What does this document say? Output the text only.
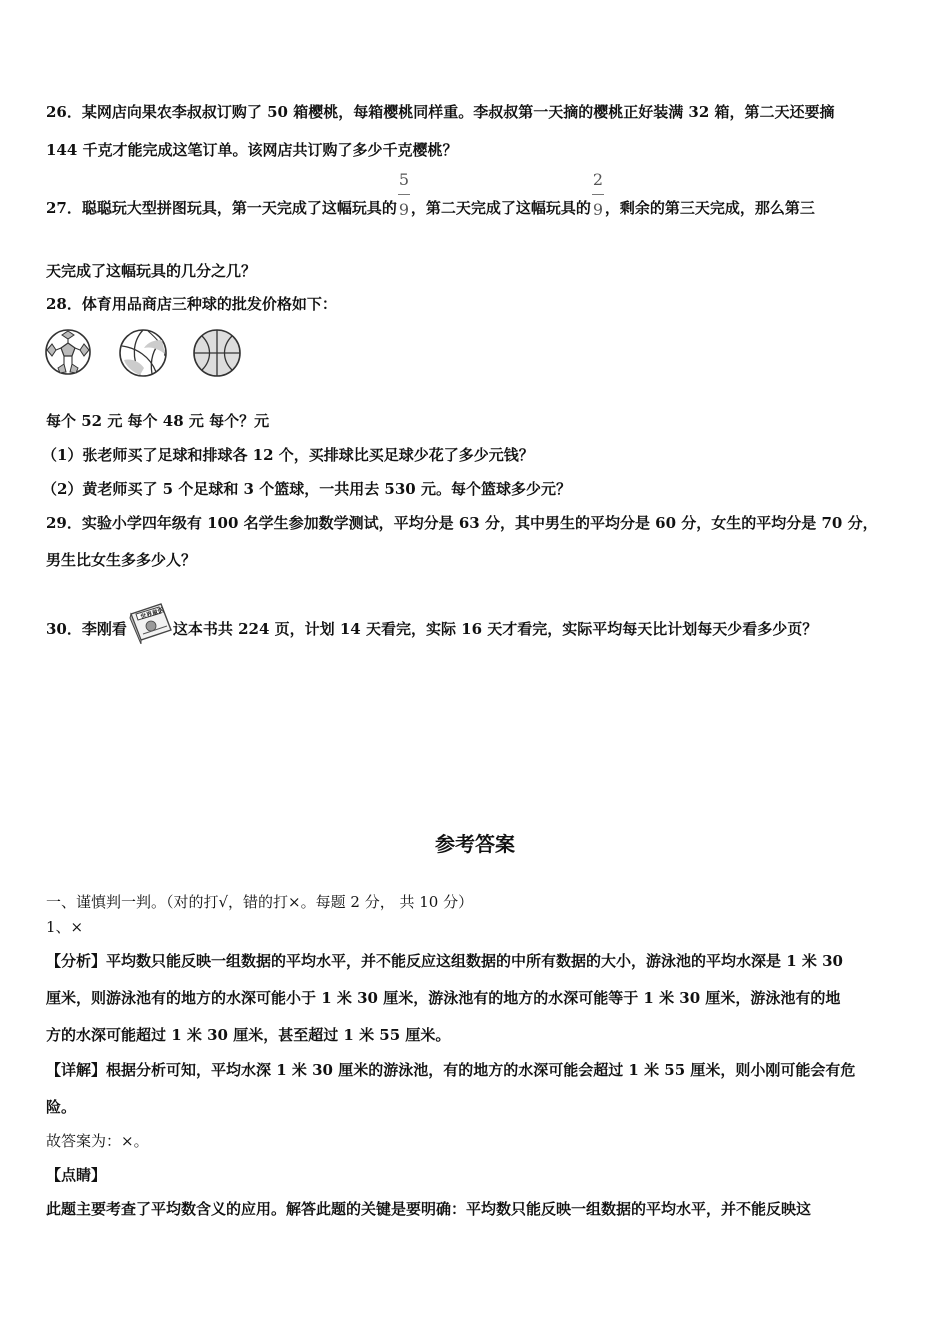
26．某网店向果农李叔叔订购了 50 箱樱桃，每箱樱桃同样重。李叔叔第一天摘的樱桃正好装满 32 箱，第二天还要摘
144 千克才能完成这笔订单。该网店共订购了多少千克樱桃？
27．聪聪玩大型拼图玩具，第一天完成了这幅玩具的 $\frac{5}{9}$ ，第二天完成了这幅玩具的 $\frac{2}{9}$ ，剩余的第三天完成，那么第三
天完成了这幅玩具的几分之几？
28．体育用品商店三种球的批发价格如下：
每个 52 元 每个 48 元 每个？元
（1）张老师买了足球和排球各 12 个，买排球比买足球少花了多少元钱？
（2）黄老师买了 5 个足球和 3 个篮球，一共用去 530 元。每个篮球多少元？
29．实验小学四年级有 100 名学生参加数学测试，平均分是 63 分，其中男生的平均分是 60 分，女生的平均分是 70 分，
男生比女生多多少人？
30．李刚看
世界童话
这本书共 224 页，计划 14 天看完，实际 16 天才看完，实际平均每天比计划每天少看多少页？
参考答案
一、谨慎判一判。（对的打√，错的打×。每题 2 分， 共 10 分）
1、×
【分析】平均数只能反映一组数据的平均水平，并不能反应这组数据的中所有数据的大小，游泳池的平均水深是 1 米 30
厘米，则游泳池有的地方的水深可能小于 1 米 30 厘米，游泳池有的地方的水深可能等于 1 米 30 厘米，游泳池有的地
方的水深可能超过 1 米 30 厘米，甚至超过 1 米 55 厘米。
【详解】根据分析可知，平均水深 1 米 30 厘米的游泳池，有的地方的水深可能会超过 1 米 55 厘米，则小刚可能会有危
险。
故答案为：×。
【点睛】
此题主要考查了平均数含义的应用。解答此题的关键是要明确：平均数只能反映一组数据的平均水平，并不能反映这
